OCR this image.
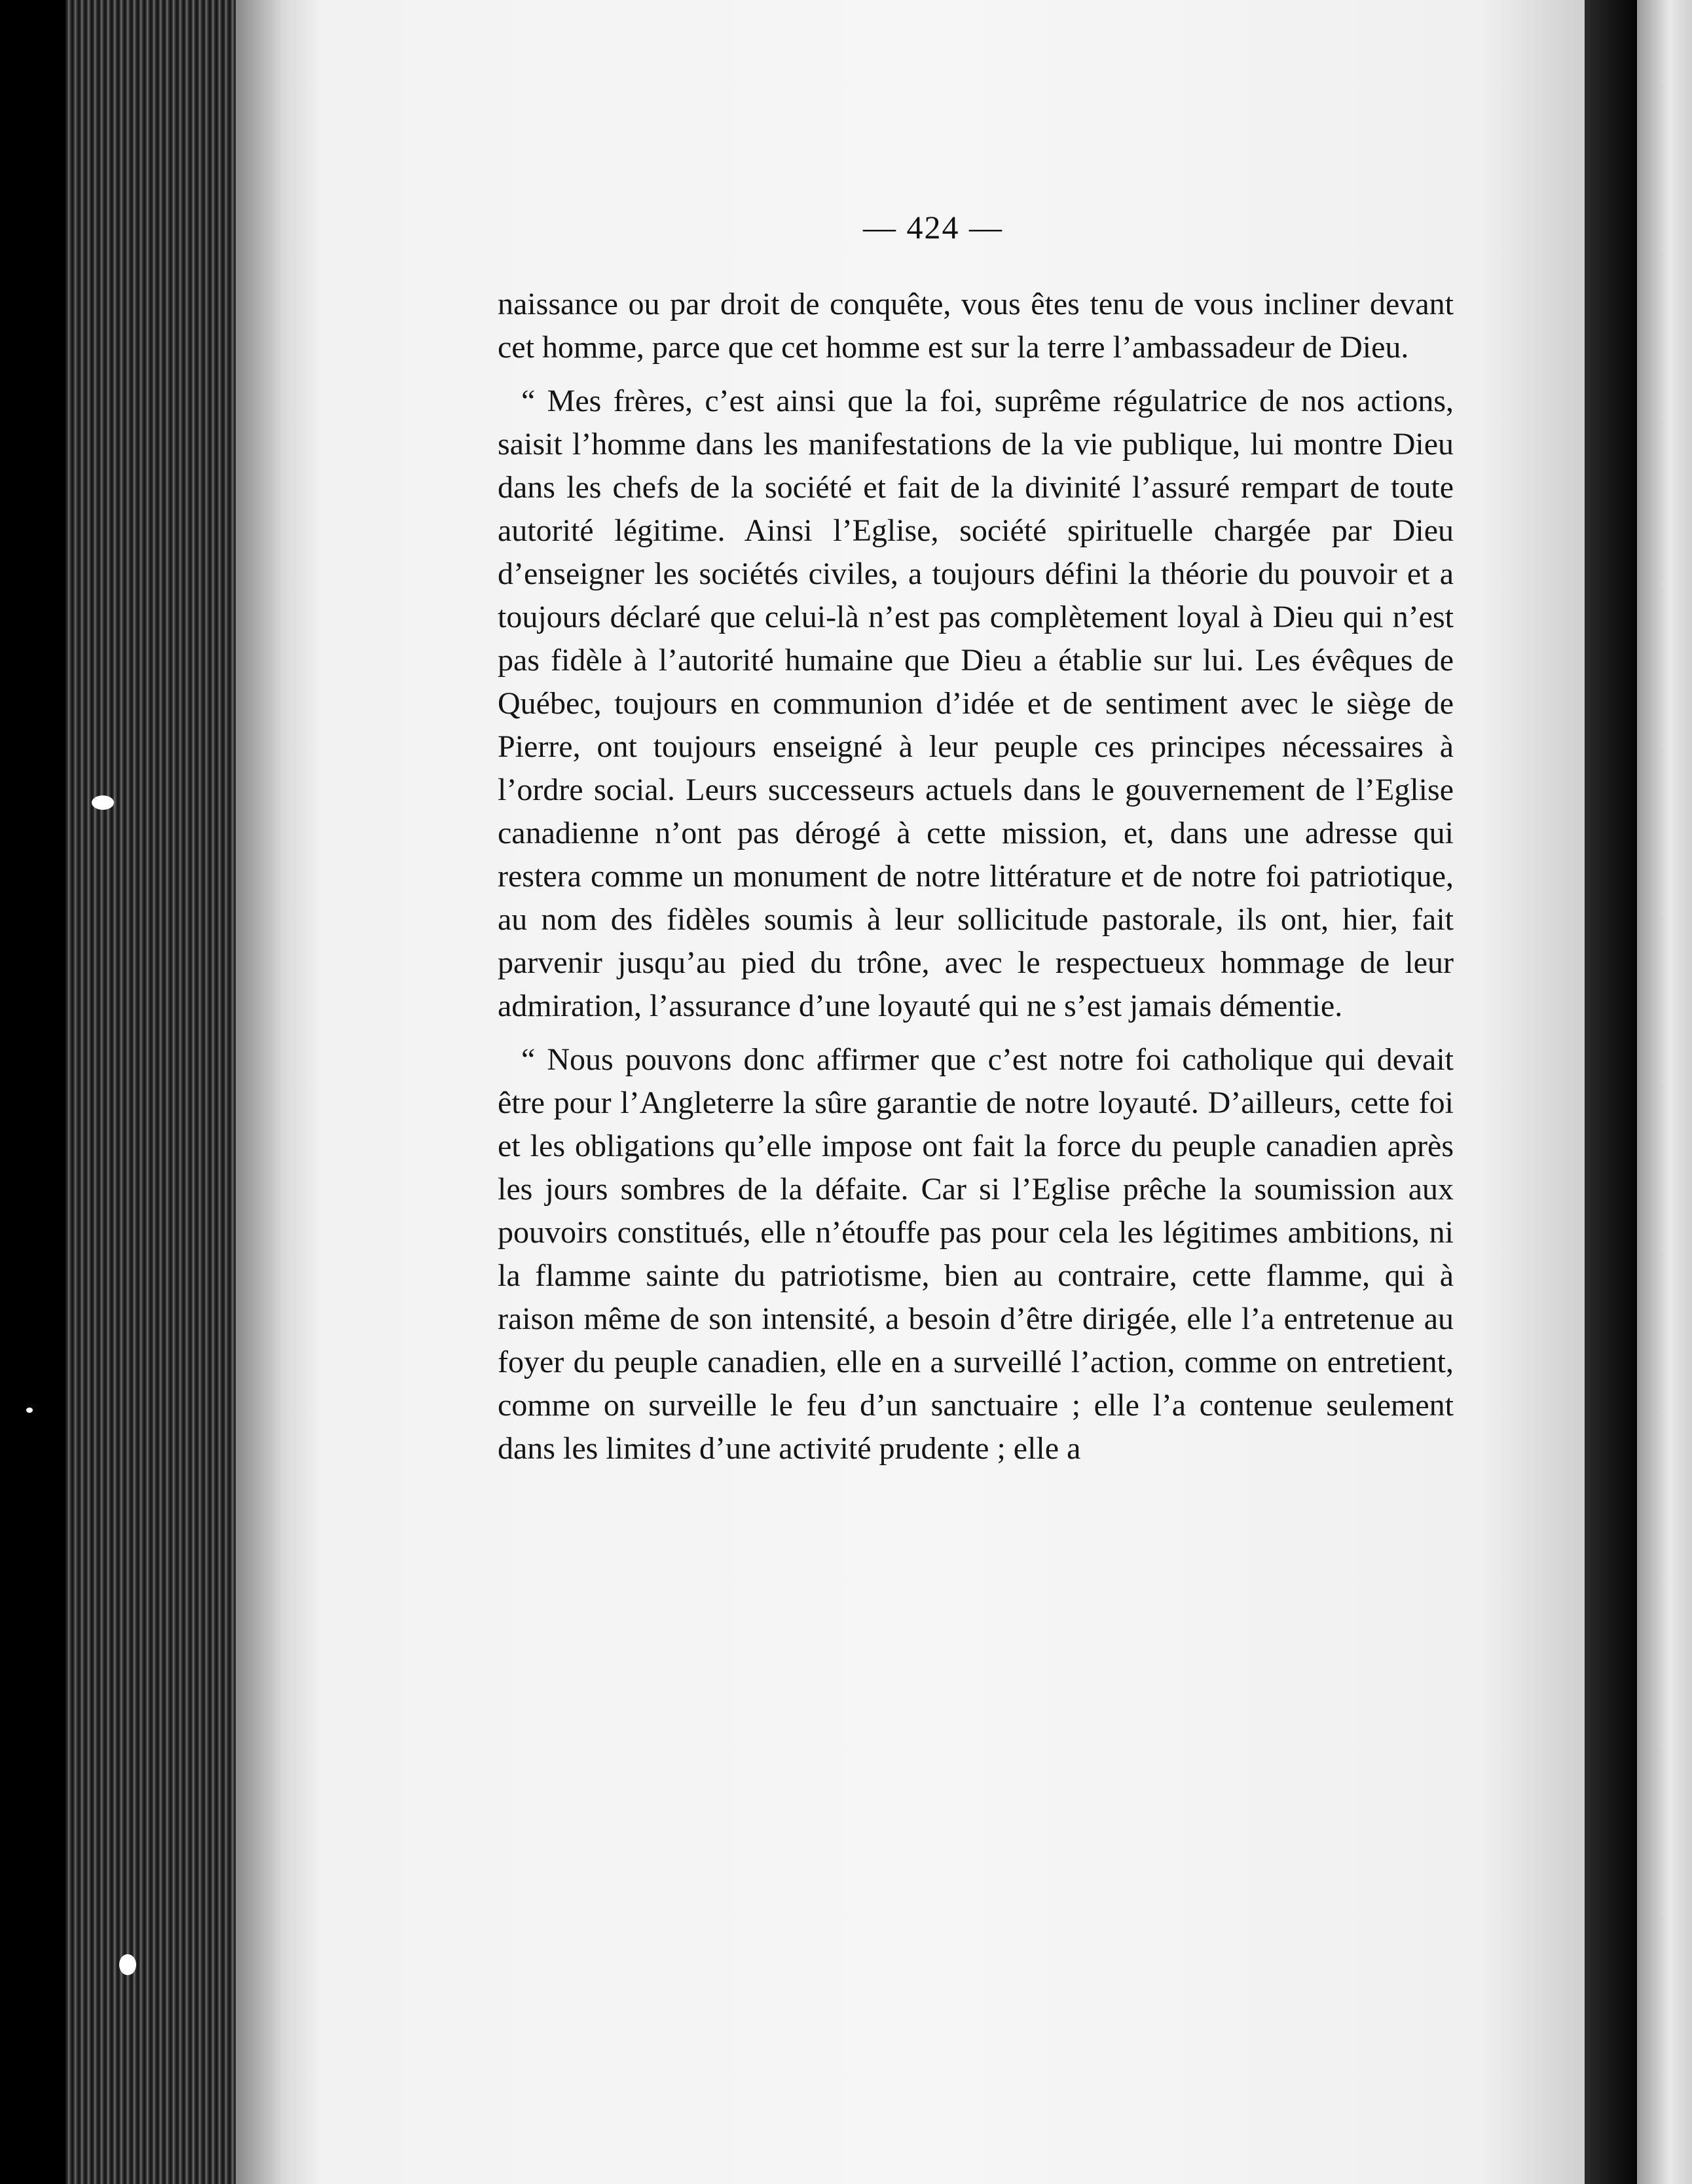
— 424 —

naissance ou par droit de conquête, vous êtes tenu de vous incliner devant cet homme, parce que cet homme est sur la terre l’ambassadeur de Dieu.

“ Mes frères, c’est ainsi que la foi, suprême régulatrice de nos actions, saisit l’homme dans les manifestations de la vie publique, lui montre Dieu dans les chefs de la société et fait de la divinité l’assuré rempart de toute autorité légitime. Ainsi l’Eglise, société spirituelle chargée par Dieu d’enseigner les sociétés civiles, a toujours défini la théorie du pouvoir et a toujours déclaré que celui-là n’est pas complètement loyal à Dieu qui n’est pas fidèle à l’autorité humaine que Dieu a établie sur lui. Les évêques de Québec, toujours en communion d’idée et de sentiment avec le siège de Pierre, ont toujours enseigné à leur peuple ces principes nécessaires à l’ordre social. Leurs successeurs actuels dans le gouvernement de l’Eglise canadienne n’ont pas dérogé à cette mission, et, dans une adresse qui restera comme un monument de notre littérature et de notre foi patriotique, au nom des fidèles soumis à leur sollicitude pastorale, ils ont, hier, fait parvenir jusqu’au pied du trône, avec le respectueux hommage de leur admiration, l’assurance d’une loyauté qui ne s’est jamais démentie.

“ Nous pouvons donc affirmer que c’est notre foi catholique qui devait être pour l’Angleterre la sûre garantie de notre loyauté. D’ailleurs, cette foi et les obligations qu’elle impose ont fait la force du peuple canadien après les jours sombres de la défaite. Car si l’Eglise prêche la soumission aux pouvoirs constitués, elle n’étouffe pas pour cela les légitimes ambitions, ni la flamme sainte du patriotisme, bien au contraire, cette flamme, qui à raison même de son intensité, a besoin d’être dirigée, elle l’a entretenue au foyer du peuple canadien, elle en a surveillé l’action, comme on entretient, comme on surveille le feu d’un sanctuaire ; elle l’a contenue seulement dans les limites d’une activité prudente ; elle a
